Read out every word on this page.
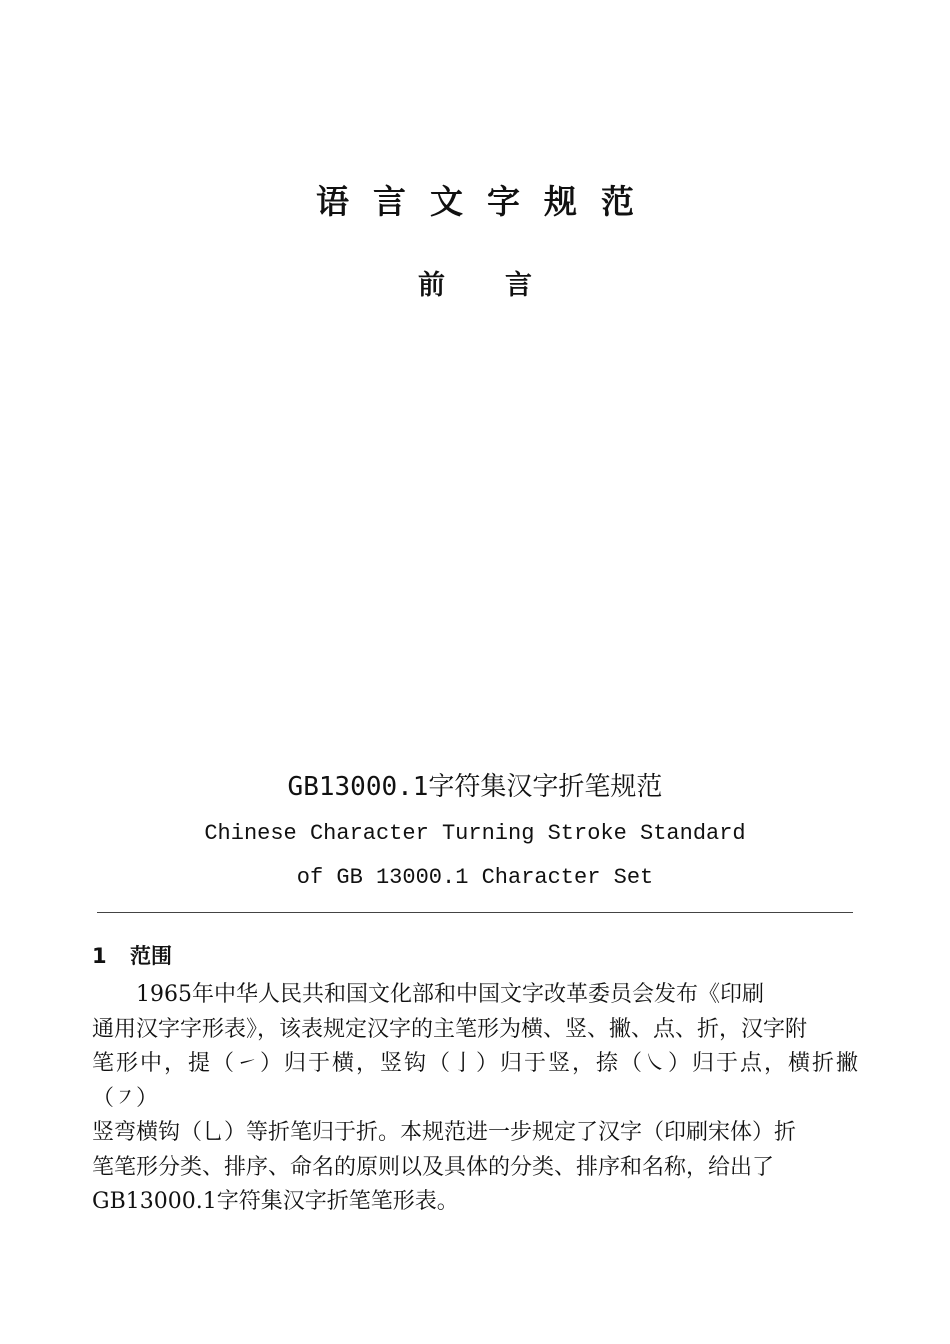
语言文字规范
前言
GB13000.1字符集汉字折笔规范
Chinese Character Turning Stroke Standard
of GB 13000.1 Character Set
1 范围

1965年中华人民共和国文化部和中国文字改革委员会发布《印刷
通用汉字字形表》，该表规定汉字的主笔形为横、竖、撇、点、折，汉字附
笔形中，提（㇀）归于横，竖钩（亅）归于竖，捺（㇏）归于点，横折撇（㇇）
竖弯横钩（乚）等折笔归于折。本规范进一步规定了汉字（印刷宋体）折
笔笔形分类、排序、命名的原则以及具体的分类、排序和名称，给出了
GB13000.1字符集汉字折笔笔形表。
